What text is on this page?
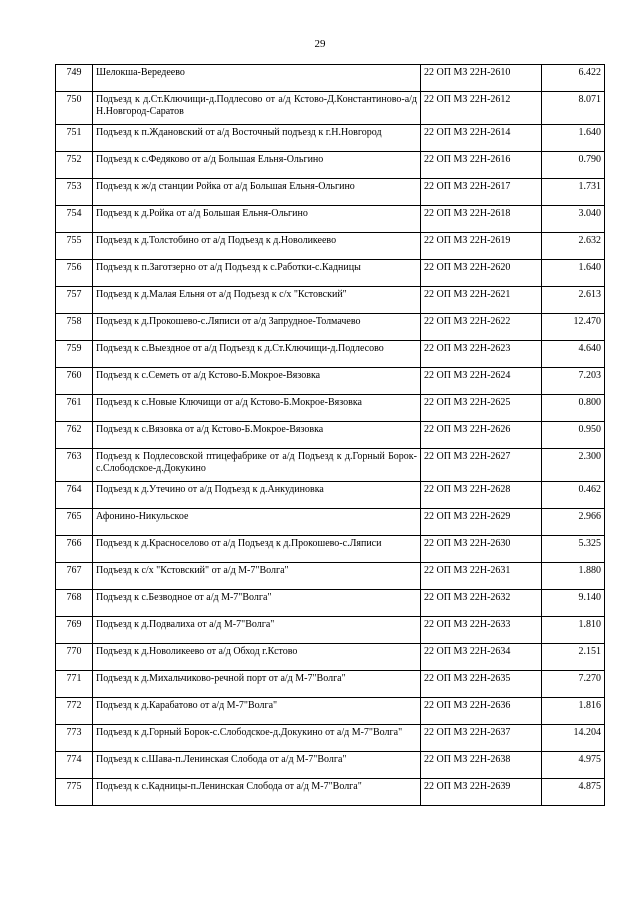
29
749	Шелокша-Вередеево	22 ОП МЗ 22Н-2610	6.422
750	Подъезд к д.Ст.Ключищи-д.Подлесово от а/д Кстово-Д.Константиново-а/д Н.Новгород-Саратов	22 ОП МЗ 22Н-2612	8.071
751	Подъезд к п.Ждановский от а/д Восточный подъезд к г.Н.Новгород	22 ОП МЗ 22Н-2614	1.640
752	Подъезд к с.Федяково от а/д Большая Ельня-Ольгино	22 ОП МЗ 22Н-2616	0.790
753	Подъезд к ж/д станции Ройка от а/д Большая Ельня-Ольгино	22 ОП МЗ 22Н-2617	1.731
754	Подъезд к д.Ройка от а/д Большая Ельня-Ольгино	22 ОП МЗ 22Н-2618	3.040
755	Подъезд к д.Толстобино от а/д Подъезд к д.Новоликеево	22 ОП МЗ 22Н-2619	2.632
756	Подъезд к п.Заготзерно от а/д Подъезд к с.Работки-с.Кадницы	22 ОП МЗ 22Н-2620	1.640
757	Подъезд к д.Малая Ельня от а/д Подъезд к с/х "Кстовский"	22 ОП МЗ 22Н-2621	2.613
758	Подъезд к д.Прокошево-с.Ляписи от а/д Запрудное-Толмачево	22 ОП МЗ 22Н-2622	12.470
759	Подъезд к с.Выездное от а/д Подъезд к д.Ст.Ключищи-д.Подлесово	22 ОП МЗ 22Н-2623	4.640
760	Подъезд к с.Семеть от а/д Кстово-Б.Мокрое-Вязовка	22 ОП МЗ 22Н-2624	7.203
761	Подъезд к с.Новые Ключищи от а/д Кстово-Б.Мокрое-Вязовка	22 ОП МЗ 22Н-2625	0.800
762	Подъезд к с.Вязовка от а/д Кстово-Б.Мокрое-Вязовка	22 ОП МЗ 22Н-2626	0.950
763	Подъезд к Подлесовской птицефабрике от а/д Подъезд к д.Горный Борок-с.Слободское-д.Докукино	22 ОП МЗ 22Н-2627	2.300
764	Подъезд к д.Утечино от а/д Подъезд к д.Анкудиновка	22 ОП МЗ 22Н-2628	0.462
765	Афонино-Никульское	22 ОП МЗ 22Н-2629	2.966
766	Подъезд к д.Красноселово от а/д Подъезд к д.Прокошево-с.Ляписи	22 ОП МЗ 22Н-2630	5.325
767	Подъезд к с/х "Кстовский" от а/д М-7"Волга"	22 ОП МЗ 22Н-2631	1.880
768	Подъезд к с.Безводное от а/д М-7"Волга"	22 ОП МЗ 22Н-2632	9.140
769	Подъезд к д.Подвалиха от а/д М-7"Волга"	22 ОП МЗ 22Н-2633	1.810
770	Подъезд к д.Новоликеево от а/д Обход г.Кстово	22 ОП МЗ 22Н-2634	2.151
771	Подъезд к д.Михальчиково-речной порт от а/д М-7"Волга"	22 ОП МЗ 22Н-2635	7.270
772	Подъезд к д.Карабатово от а/д М-7"Волга"	22 ОП МЗ 22Н-2636	1.816
773	Подъезд к д.Горный Борок-с.Слободское-д.Докукино от а/д М-7"Волга"	22 ОП МЗ 22Н-2637	14.204
774	Подъезд к с.Шава-п.Ленинская Слобода от а/д М-7"Волга"	22 ОП МЗ 22Н-2638	4.975
775	Подъезд к с.Кадницы-п.Ленинская Слобода от а/д М-7"Волга"	22 ОП МЗ 22Н-2639	4.875
